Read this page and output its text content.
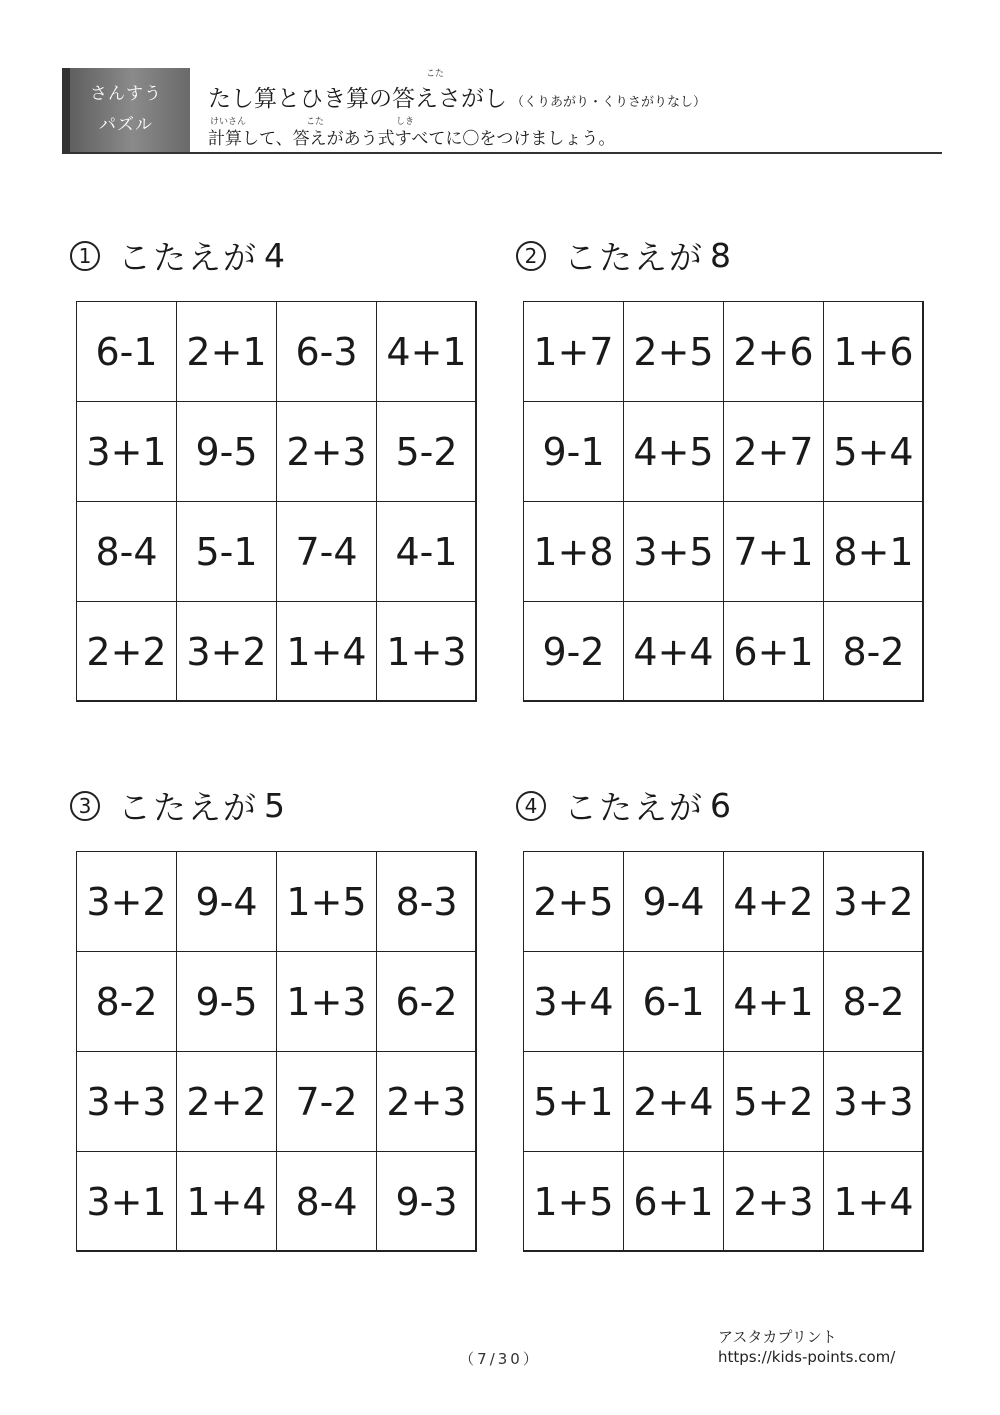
さんすう
パズル
こた
たし算とひき算の答えさがし （くりあがり・くりさがりなし）
けいさん	こた	しき
計算して、答えがあう式すべてに〇をつけましょう。
1 こたえが 4
6-1 2+1 6-3 4+1
3+1 9-5 2+3 5-2
8-4 5-1 7-4 4-1
2+2 3+2 1+4 1+3
2 こたえが 8
1+7 2+5 2+6 1+6
9-1 4+5 2+7 5+4
1+8 3+5 7+1 8+1
9-2 4+4 6+1 8-2
3 こたえが 5
3+2 9-4 1+5 8-3
8-2 9-5 1+3 6-2
3+3 2+2 7-2 2+3
3+1 1+4 8-4 9-3
4 こたえが 6
2+5 9-4 4+2 3+2
3+4 6-1 4+1 8-2
5+1 2+4 5+2 3+3
1+5 6+1 2+3 1+4
（7/30）
アスタカプリント
https://kids-points.com/
